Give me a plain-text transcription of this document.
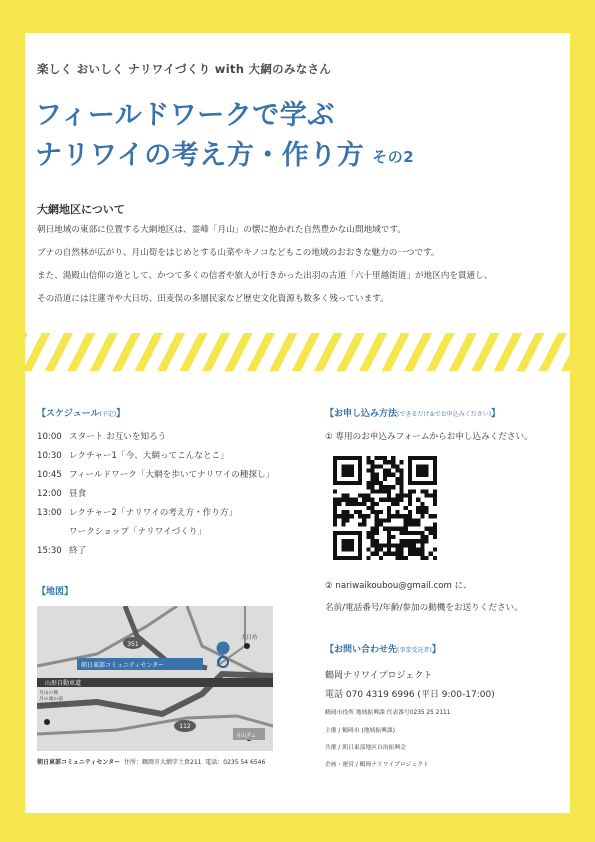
楽しく おいしく ナリワイづくり with 大網のみなさん
フィールドワークで学ぶ
ナリワイの考え方・作り方 その2
大網地区について
朝日地域の東部に位置する大網地区は、霊峰「月山」の懐に抱かれた自然豊かな山間地域です。
ブナの自然林が広がり、月山筍をはじめとする山菜やキノコなどもこの地域のおおきな魅力の一つです。
また、湯殿山信仰の道として、かつて多くの信者や旅人が行きかった出羽の古道「六十里越街道」が地区内を貫通し、
その沿道には注蓮寺や大日坊、田麦俣の多層民家など歴史文化資源も数多く残っています。
【スケジュール(予定)】
10:00 スタート お互いを知ろう
10:30 レクチャー1「今、大網ってこんなとこ」
10:45 フィールドワーク「大網を歩いてナリワイの種探し」
12:00 昼食
13:00 レクチャー2「ナリワイの考え方・作り方」
ワークショップ「ナリワイづくり」
15:30 終了
【地図】
351
112
朝日東部コミュニティセンター
山形自動車道
大日坊
月山の熊
月の歳の湯
ドライブイン
月山ダム
朝日東部コミュニティセンター 住所：鶴岡市大網字土倉211 電話：0235 54 6546
【お申し込み方法(できるだけ①でお申込みください)】
① 専用のお申込みフォームからお申し込みください。
② nariwaikoubou@gmail.com に、
名前/電話番号/年齢/参加の動機をお送りください。
【お問い合わせ先(事業受託者)】
鶴岡ナリワイプロジェクト
電話 070 4319 6996 (平日 9:00-17:00)
鶴岡市役所 地域振興課 代表番号0235 25 2111
主催 / 鶴岡市 (地域振興課)
共催 / 朝日東部地区自治振興会
企画・運営 / 鶴岡ナリワイプロジェクト
